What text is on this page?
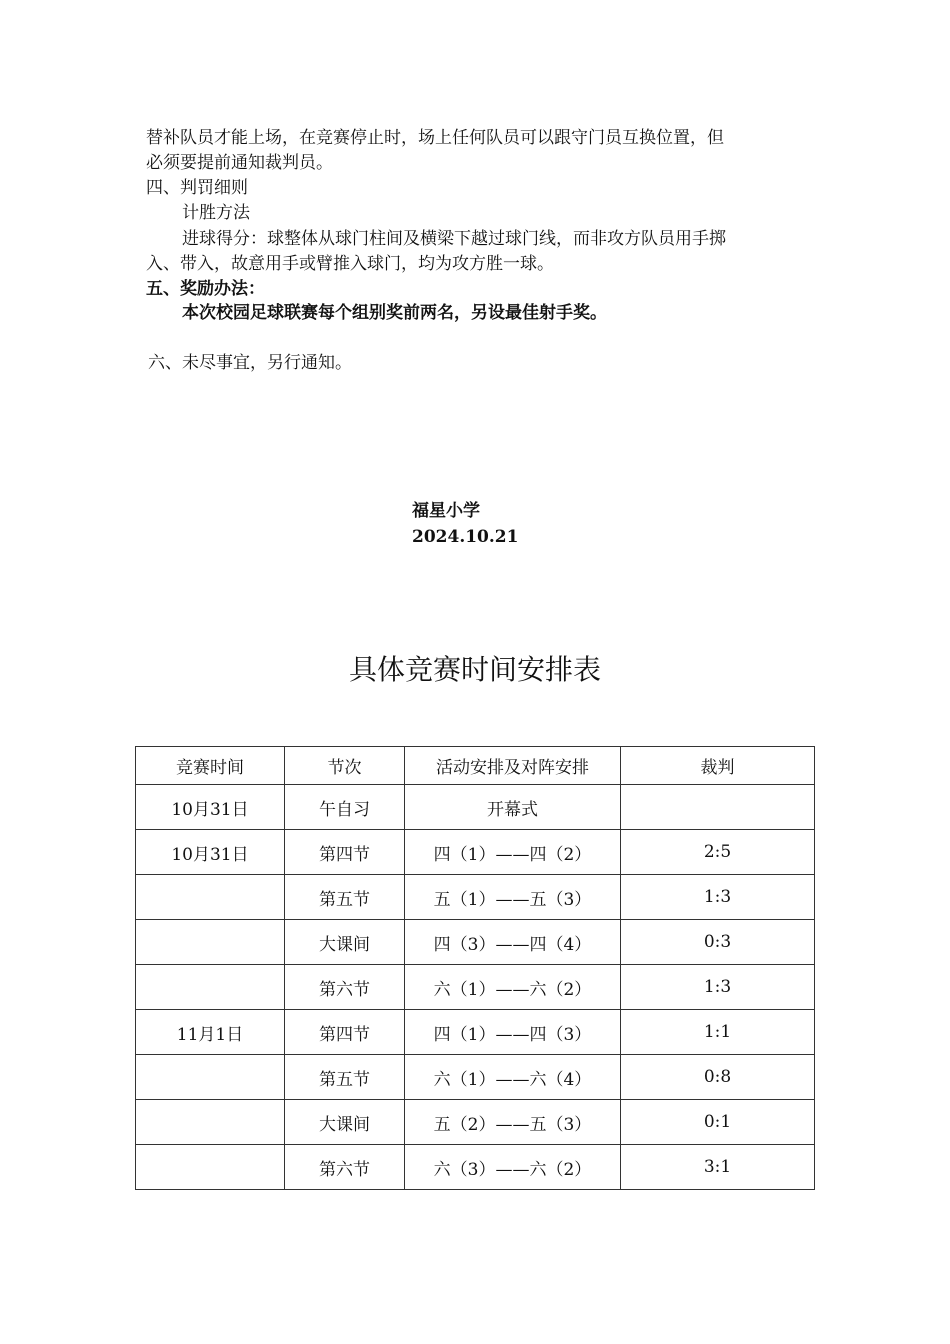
替补队员才能上场，在竞赛停止时，场上任何队员可以跟守门员互换位置，但
必须要提前通知裁判员。
四、判罚细则
计胜方法
进球得分：球整体从球门柱间及横梁下越过球门线，而非攻方队员用手掷
入、带入，故意用手或臂推入球门，均为攻方胜一球。
五、奖励办法：
本次校园足球联赛每个组别奖前两名，另设最佳射手奖。
六、未尽事宜，另行通知。
福星小学
2024.10.21
具体竞赛时间安排表
竞赛时间	节次	活动安排及对阵安排	裁判
10月31日	午自习	开幕式	
10月31日	第四节	四（1）——四（2）	2:5
	第五节	五（1）——五（3）	1:3
	大课间	四（3）——四（4）	0:3
	第六节	六（1）——六（2）	1:3
11月1日	第四节	四（1）——四（3）	1:1
	第五节	六（1）——六（4）	0:8
	大课间	五（2）——五（3）	0:1
	第六节	六（3）——六（2）	3:1
